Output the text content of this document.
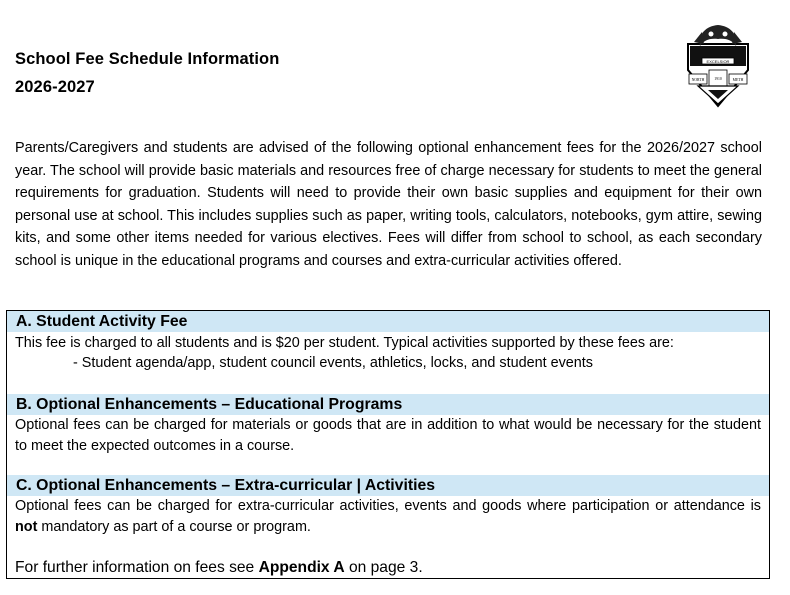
School Fee Schedule Information
2026-2027
EXCELSIOR
NORTH	1910	METH
Parents/Caregivers and students are advised of the following optional enhancement fees for the 2026/2027 school year. The school will provide basic materials and resources free of charge necessary for students to meet the general requirements for graduation. Students will need to provide their own basic supplies and equipment for their own personal use at school. This includes supplies such as paper, writing tools, calculators, notebooks, gym attire, sewing kits, and some other items needed for various electives. Fees will differ from school to school, as each secondary school is unique in the educational programs and courses and extra-curricular activities offered.
A. Student Activity Fee
This fee is charged to all students and is $20 per student. Typical activities supported by these fees are:
- Student agenda/app, student council events, athletics, locks, and student events
B. Optional Enhancements – Educational Programs
Optional fees can be charged for materials or goods that are in addition to what would be necessary for the student to meet the expected outcomes in a course.
C. Optional Enhancements – Extra-curricular | Activities
Optional fees can be charged for extra-curricular activities, events and goods where participation or attendance is not mandatory as part of a course or program.
For further information on fees see Appendix A on page 3.
